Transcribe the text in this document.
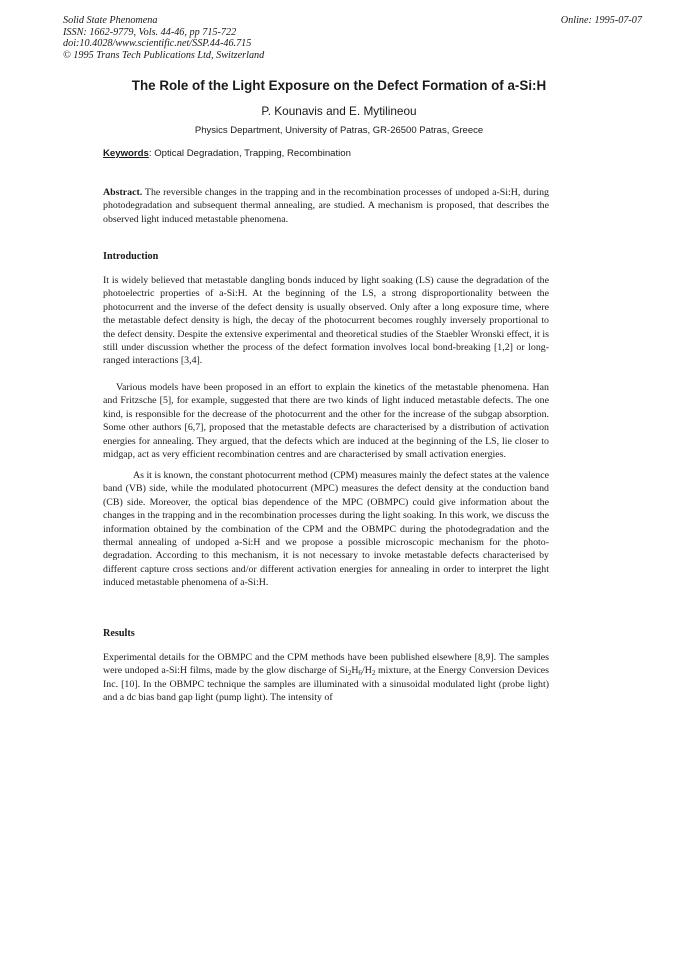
Solid State Phenomena
ISSN: 1662-9779, Vols. 44-46, pp 715-722
doi:10.4028/www.scientific.net/SSP.44-46.715
© 1995 Trans Tech Publications Ltd, Switzerland
Online: 1995-07-07
The Role of the Light Exposure on the Defect Formation of a-Si:H
P. Kounavis and E. Mytilineou
Physics Department, University of Patras, GR-26500 Patras, Greece
Keywords: Optical Degradation, Trapping, Recombination

Abstract. The reversible changes in the trapping and in the recombination processes of undoped a-Si:H, during photodegradation and subsequent thermal annealing, are studied. A mechanism is proposed, that describes the observed light induced metastable phenomena.

Introduction

It is widely believed that metastable dangling bonds induced by light soaking (LS) cause the degradation of the photoelectric properties of a-Si:H. At the beginning of the LS, a strong disproportionality between the photocurrent and the inverse of the defect density is usually observed. Only after a long exposure time, where the metastable defect density is high, the decay of the photocurrent becomes roughly inversely proportional to the defect density. Despite the extensive experimental and theoretical studies of the Staebler Wronski effect, it is still under discussion whether the process of the defect formation involves local bond-breaking [1,2] or long-ranged interactions [3,4].

Various models have been proposed in an effort to explain the kinetics of the metastable phenomena. Han and Fritzsche [5], for example, suggested that there are two kinds of light induced metastable defects. The one kind, is responsible for the decrease of the photocurrent and the other for the increase of the subgap absorption. Some other authors [6,7], proposed that the metastable defects are characterised by a distribution of activation energies for annealing. They argued, that the defects which are induced at the beginning of the LS, lie closer to midgap, act as very efficient recombination centres and are characterised by small activation energies.

As it is known, the constant photocurrent method (CPM) measures mainly the defect states at the valence band (VB) side, while the modulated photocurrent (MPC) measures the defect density at the conduction band (CB) side. Moreover, the optical bias dependence of the MPC (OBMPC) could give information about the changes in the trapping and in the recombination processes during the light soaking. In this work, we discuss the information obtained by the combination of the CPM and the OBMPC during the photodegradation and the thermal annealing of undoped a-Si:H and we propose a possible microscopic mechanism for the photo-degradation. According to this mechanism, it is not necessary to invoke metastable defects characterised by different capture cross sections and/or different activation energies for annealing in order to interpret the light induced metastable phenomena of a-Si:H.

Results

Experimental details for the OBMPC and the CPM methods have been published elsewhere [8,9]. The samples were undoped a-Si:H films, made by the glow discharge of $Si_2H_6/H_2$ mixture, at the Energy Conversion Devices Inc. [10]. In the OBMPC technique the samples are illuminated with a sinusoidal modulated light (probe light) and a dc bias band gap light (pump light). The intensity of
